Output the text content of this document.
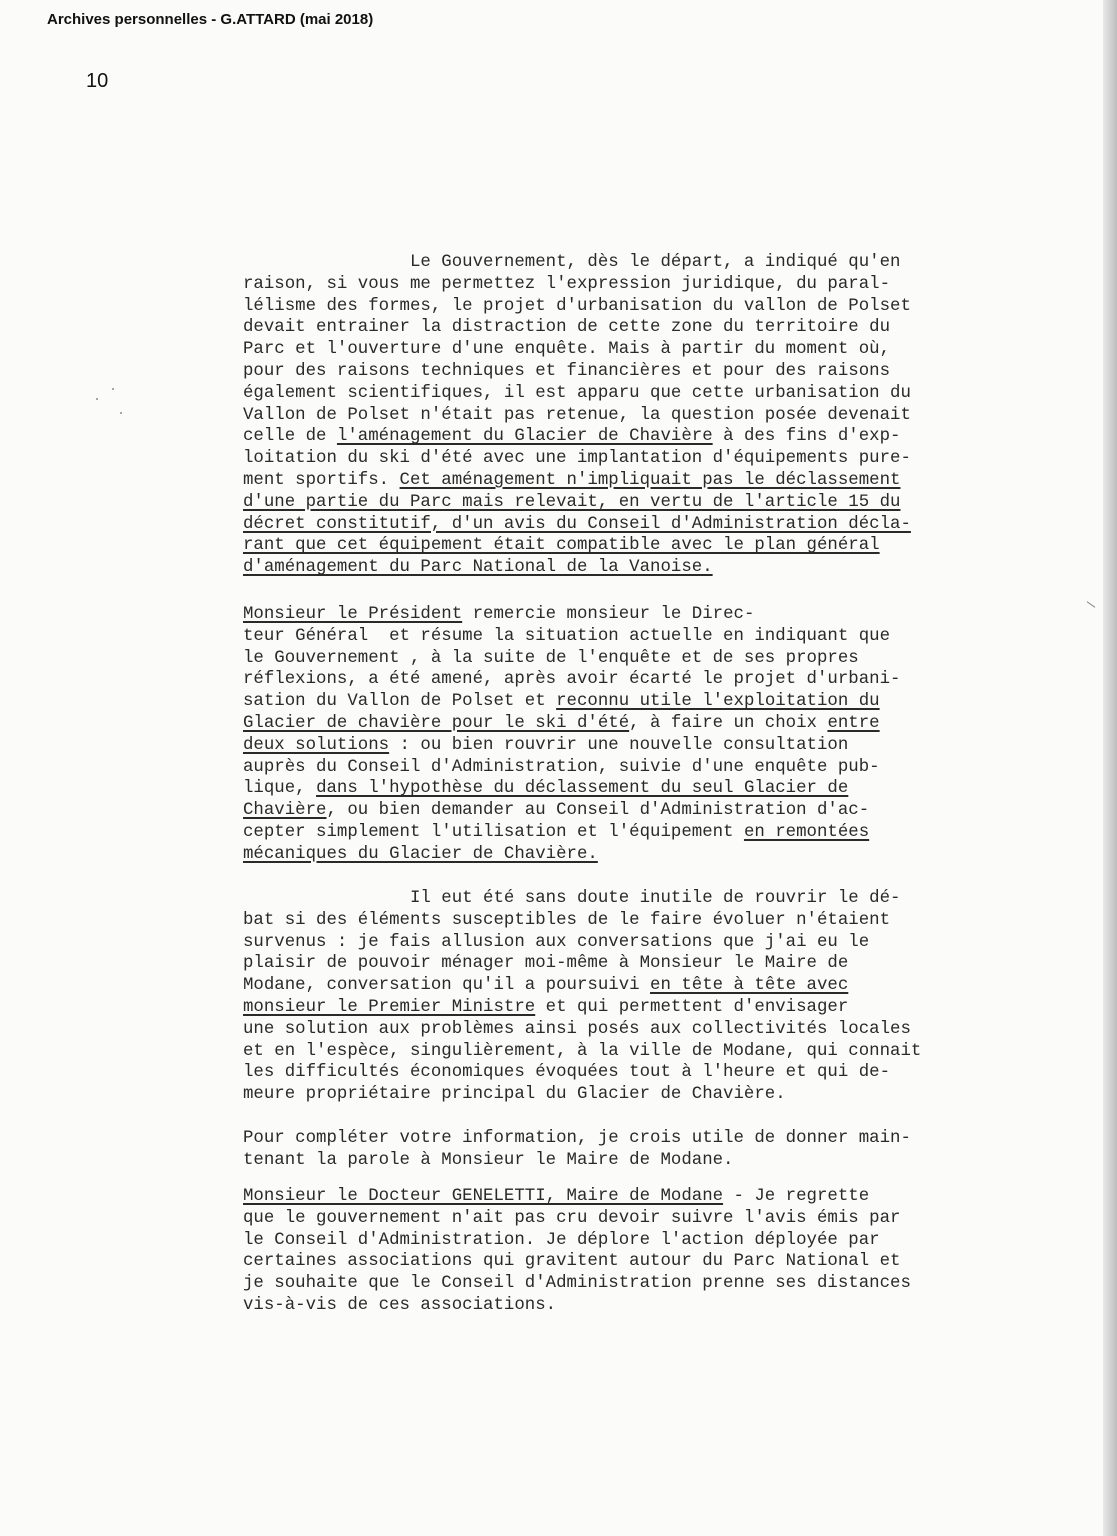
Archives personnelles - G.ATTARD (mai 2018)
10
Le Gouvernement, dès le départ, a indiqué qu'en
raison, si vous me permettez l'expression juridique, du paral-
lélisme des formes, le projet d'urbanisation du vallon de Polset
devait entrainer la distraction de cette zone du territoire du
Parc et l'ouverture d'une enquête. Mais à partir du moment où,
pour des raisons techniques et financières et pour des raisons
également scientifiques, il est apparu que cette urbanisation du
Vallon de Polset n'était pas retenue, la question posée devenait
celle de l'aménagement du Glacier de Chavière à des fins d'exp-
loitation du ski d'été avec une implantation d'équipements pure-
ment sportifs. Cet aménagement n'impliquait pas le déclassement
d'une partie du Parc mais relevait, en vertu de l'article 15 du
décret constitutif, d'un avis du Conseil d'Administration décla-
rant que cet équipement était compatible avec le plan général
d'aménagement du Parc National de la Vanoise.
Monsieur le Président remercie monsieur le Direc-
teur Général  et résume la situation actuelle en indiquant que
le Gouvernement , à la suite de l'enquête et de ses propres
réflexions, a été amené, après avoir écarté le projet d'urbani-
sation du Vallon de Polset et reconnu utile l'exploitation du
Glacier de chavière pour le ski d'été, à faire un choix entre
deux solutions : ou bien rouvrir une nouvelle consultation
auprès du Conseil d'Administration, suivie d'une enquête pub-
lique, dans l'hypothèse du déclassement du seul Glacier de
Chavière, ou bien demander au Conseil d'Administration d'ac-
cepter simplement l'utilisation et l'équipement en remontées
mécaniques du Glacier de Chavière.
Il eut été sans doute inutile de rouvrir le dé-
bat si des éléments susceptibles de le faire évoluer n'étaient
survenus : je fais allusion aux conversations que j'ai eu le
plaisir de pouvoir ménager moi-même à Monsieur le Maire de
Modane, conversation qu'il a poursuivi en tête à tête avec
monsieur le Premier Ministre et qui permettent d'envisager
une solution aux problèmes ainsi posés aux collectivités locales
et en l'espèce, singulièrement, à la ville de Modane, qui connait
les difficultés économiques évoquées tout à l'heure et qui de-
meure propriétaire principal du Glacier de Chavière.
Pour compléter votre information, je crois utile de donner main-
tenant la parole à Monsieur le Maire de Modane.
Monsieur le Docteur GENELETTI, Maire de Modane - Je regrette
que le gouvernement n'ait pas cru devoir suivre l'avis émis par
le Conseil d'Administration. Je déplore l'action déployée par
certaines associations qui gravitent autour du Parc National et
je souhaite que le Conseil d'Administration prenne ses distances
vis-à-vis de ces associations.
